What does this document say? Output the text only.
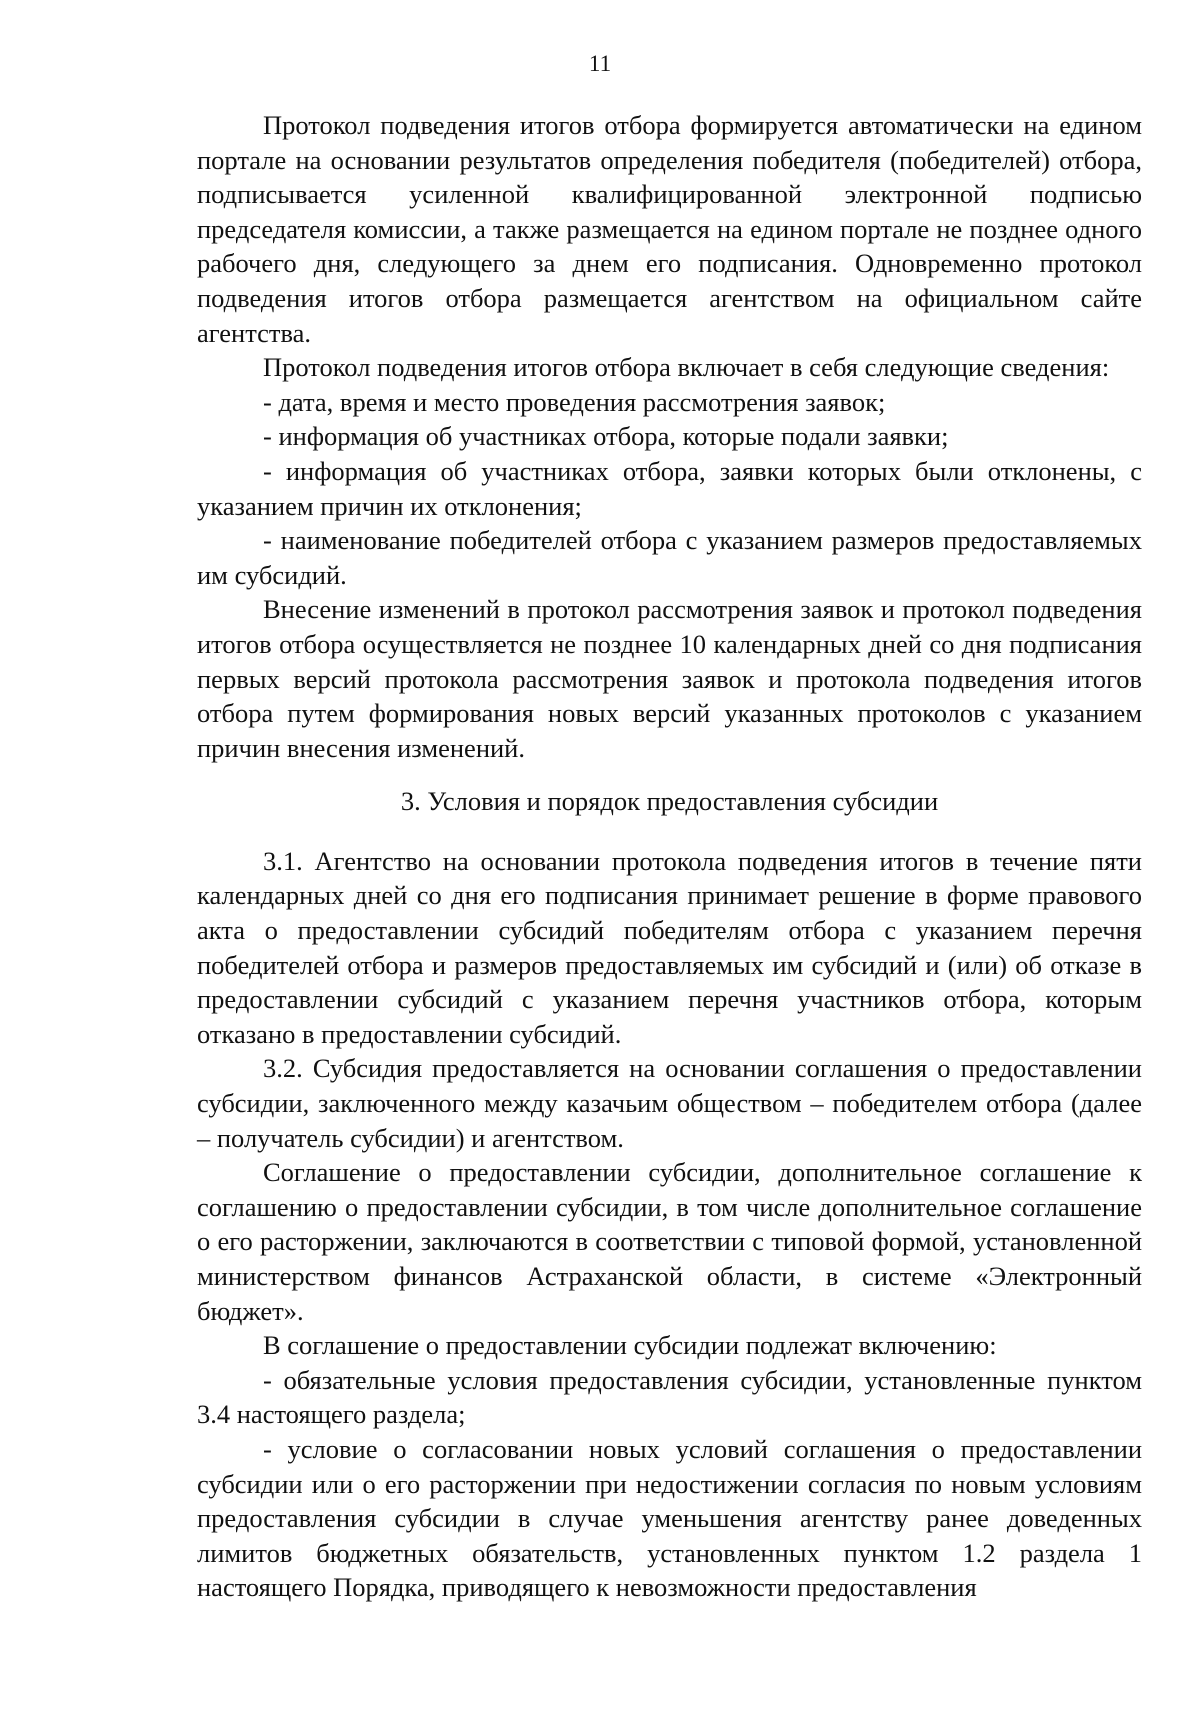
11

Протокол подведения итогов отбора формируется автоматически на едином портале на основании результатов определения победителя (победителей) отбора, подписывается усиленной квалифицированной электронной подписью председателя комиссии, а также размещается на едином портале не позднее одного рабочего дня, следующего за днем его подписания. Одновременно протокол подведения итогов отбора размещается агентством на официальном сайте агентства.

Протокол подведения итогов отбора включает в себя следующие сведения:

- дата, время и место проведения рассмотрения заявок;

- информация об участниках отбора, которые подали заявки;

- информация об участниках отбора, заявки которых были отклонены, с указанием причин их отклонения;

- наименование победителей отбора с указанием размеров предоставляемых им субсидий.

Внесение изменений в протокол рассмотрения заявок и протокол подведения итогов отбора осуществляется не позднее 10 календарных дней со дня подписания первых версий протокола рассмотрения заявок и протокола подведения итогов отбора путем формирования новых версий указанных протоколов с указанием причин внесения изменений.

3. Условия и порядок предоставления субсидии

3.1. Агентство на основании протокола подведения итогов в течение пяти календарных дней со дня его подписания принимает решение в форме правового акта о предоставлении субсидий победителям отбора с указанием перечня победителей отбора и размеров предоставляемых им субсидий и (или) об отказе в предоставлении субсидий с указанием перечня участников отбора, которым отказано в предоставлении субсидий.

3.2. Субсидия предоставляется на основании соглашения о предоставлении субсидии, заключенного между казачьим обществом – победителем отбора (далее – получатель субсидии) и агентством.

Соглашение о предоставлении субсидии, дополнительное соглашение к соглашению о предоставлении субсидии, в том числе дополнительное соглашение о его расторжении, заключаются в соответствии с типовой формой, установленной министерством финансов Астраханской области, в системе «Электронный бюджет».

В соглашение о предоставлении субсидии подлежат включению:

- обязательные условия предоставления субсидии, установленные пунктом 3.4 настоящего раздела;

- условие о согласовании новых условий соглашения о предоставлении субсидии или о его расторжении при недостижении согласия по новым условиям предоставления субсидии в случае уменьшения агентству ранее доведенных лимитов бюджетных обязательств, установленных пунктом 1.2 раздела 1 настоящего Порядка, приводящего к невозможности предоставления
